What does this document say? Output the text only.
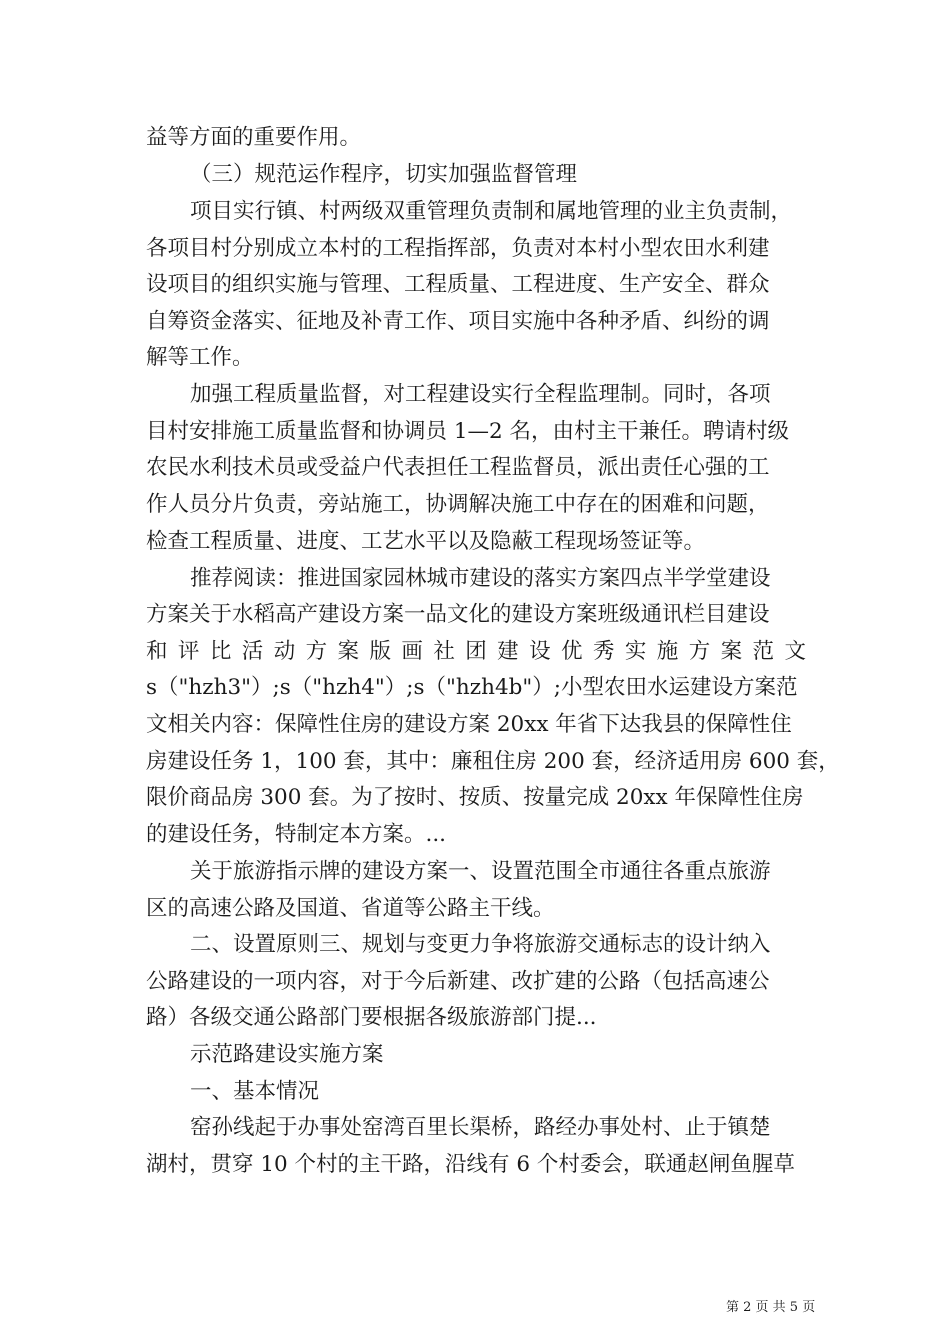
益等方面的重要作用。
（三）规范运作程序，切实加强监督管理
项目实行镇、村两级双重管理负责制和属地管理的业主负责制，
各项目村分别成立本村的工程指挥部，负责对本村小型农田水利建
设项目的组织实施与管理、工程质量、工程进度、生产安全、群众
自筹资金落实、征地及补青工作、项目实施中各种矛盾、纠纷的调
解等工作。
加强工程质量监督，对工程建设实行全程监理制。同时，各项
目村安排施工质量监督和协调员 1—2 名，由村主干兼任。聘请村级
农民水利技术员或受益户代表担任工程监督员，派出责任心强的工
作人员分片负责，旁站施工，协调解决施工中存在的困难和问题，
检查工程质量、进度、工艺水平以及隐蔽工程现场签证等。
推荐阅读：推进国家园林城市建设的落实方案四点半学堂建设
方案关于水稻高产建设方案一品文化的建设方案班级通讯栏目建设
和评比活动方案版画社团建设优秀实施方案范文
s（"hzh3"）;s（"hzh4"）;s（"hzh4b"）;小型农田水运建设方案范
文相关内容：保障性住房的建设方案 20xx 年省下达我县的保障性住
房建设任务 1，100 套，其中：廉租住房 200 套，经济适用房 600 套，
限价商品房 300 套。为了按时、按质、按量完成 20xx 年保障性住房
的建设任务，特制定本方案。...
关于旅游指示牌的建设方案一、设置范围全市通往各重点旅游
区的高速公路及国道、省道等公路主干线。
二、设置原则三、规划与变更力争将旅游交通标志的设计纳入
公路建设的一项内容，对于今后新建、改扩建的公路（包括高速公
路）各级交通公路部门要根据各级旅游部门提...
示范路建设实施方案
一、基本情况
窑孙线起于办事处窑湾百里长渠桥，路经办事处村、止于镇楚
湖村，贯穿 10 个村的主干路，沿线有 6 个村委会，联通赵闸鱼腥草
第 2 页 共 5 页
